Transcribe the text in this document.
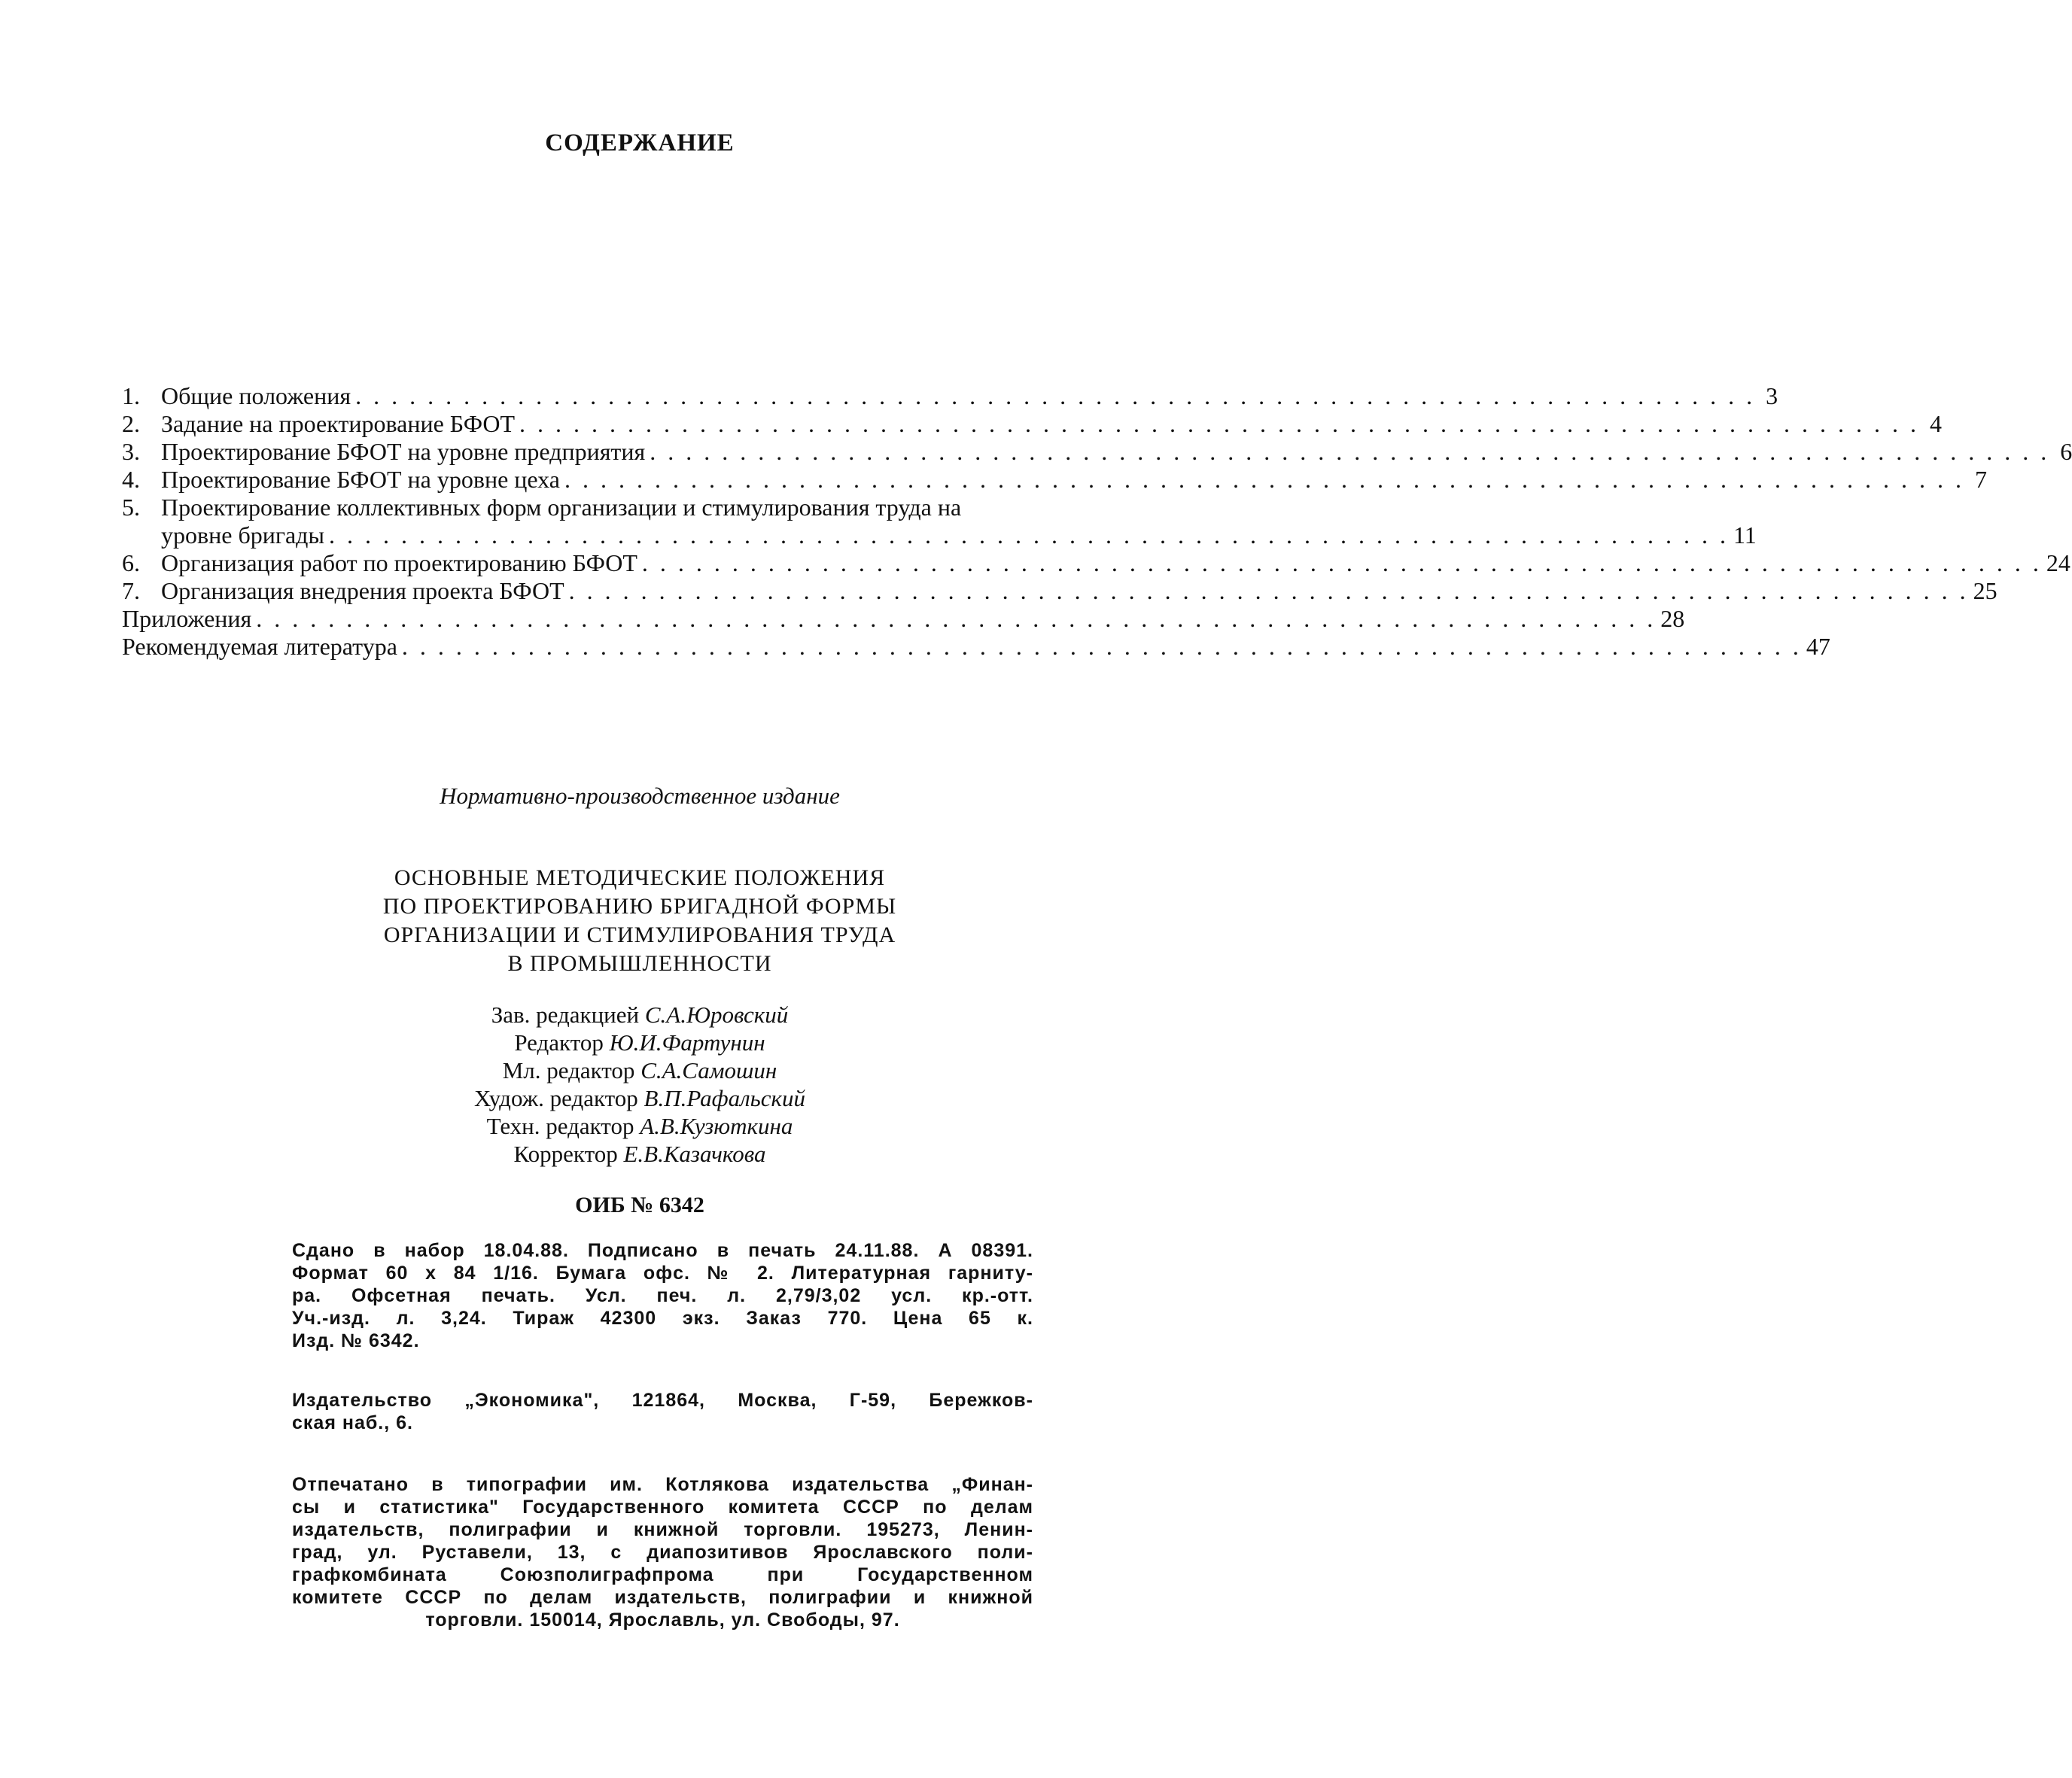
СОДЕРЖАНИЕ
1. Общие положения . . . . . . . . . . . . . . . . . . . . . . . . . . . . . . . . . . . . . . . . . . . . . . . . . . . . . . . . . . . . . . . . . . . . . . . . . . . . . . 3
2. Задание на проектирование БФОТ . . . . . . . . . . . . . . . . . . . . . . . . . . . . . . . . . . . . . . . . . . . . . . . . . . . . . . . . . . . . . . . . . . . . . . . . . . . . . . 4
3. Проектирование БФОТ на уровне предприятия . . . . . . . . . . . . . . . . . . . . . . . . . . . . . . . . . . . . . . . . . . . . . . . . . . . . . . . . . . . . . . . . . . . . . . . . . . . . . . 6
4. Проектирование БФОТ на уровне цеха . . . . . . . . . . . . . . . . . . . . . . . . . . . . . . . . . . . . . . . . . . . . . . . . . . . . . . . . . . . . . . . . . . . . . . . . . . . . . . 7
5. Проектирование коллективных форм организации и стимулирования труда на
уровне бригады . . . . . . . . . . . . . . . . . . . . . . . . . . . . . . . . . . . . . . . . . . . . . . . . . . . . . . . . . . . . . . . . . . . . . . . . . . . . . . 11
6. Организация работ по проектированию БФОТ . . . . . . . . . . . . . . . . . . . . . . . . . . . . . . . . . . . . . . . . . . . . . . . . . . . . . . . . . . . . . . . . . . . . . . . . . . . . . . 24
7. Организация внедрения проекта БФОТ . . . . . . . . . . . . . . . . . . . . . . . . . . . . . . . . . . . . . . . . . . . . . . . . . . . . . . . . . . . . . . . . . . . . . . . . . . . . . . 25
Приложения . . . . . . . . . . . . . . . . . . . . . . . . . . . . . . . . . . . . . . . . . . . . . . . . . . . . . . . . . . . . . . . . . . . . . . . . . . . . . . 28
Рекомендуемая литература . . . . . . . . . . . . . . . . . . . . . . . . . . . . . . . . . . . . . . . . . . . . . . . . . . . . . . . . . . . . . . . . . . . . . . . . . . . . . . 47
Нормативно-производственное издание
ОСНОВНЫЕ МЕТОДИЧЕСКИЕ ПОЛОЖЕНИЯ
ПО ПРОЕКТИРОВАНИЮ БРИГАДНОЙ ФОРМЫ
ОРГАНИЗАЦИИ И СТИМУЛИРОВАНИЯ ТРУДА
В ПРОМЫШЛЕННОСТИ
Зав. редакцией С.А.Юровский
Редактор Ю.И.Фартунин
Мл. редактор С.А.Самошин
Худож. редактор В.П.Рафальский
Техн. редактор А.В.Кузюткина
Корректор Е.В.Казачкова
ОИБ № 6342
Сдано в набор 18.04.88. Подписано в печать 24.11.88. А 08391.
Формат 60 х 84 1/16. Бумага офс. № 2. Литературная гарниту-
ра. Офсетная печать. Усл. печ. л. 2,79/3,02 усл. кр.-отт.
Уч.-изд. л. 3,24. Тираж 42300 экз. Заказ 770. Цена 65 к.
Изд. № 6342.
Издательство „Экономика", 121864, Москва, Г-59, Бережков-
ская наб., 6.
Отпечатано в типографии им. Котлякова издательства „Финан-
сы и статистика" Государственного комитета СССР по делам
издательств, полиграфии и книжной торговли. 195273, Ленин-
град, ул. Руставели, 13, с диапозитивов Ярославского поли-
графкомбината Союзполиграфпрома при Государственном
комитете СССР по делам издательств, полиграфии и книжной
торговли. 150014, Ярославль, ул. Свободы, 97.
